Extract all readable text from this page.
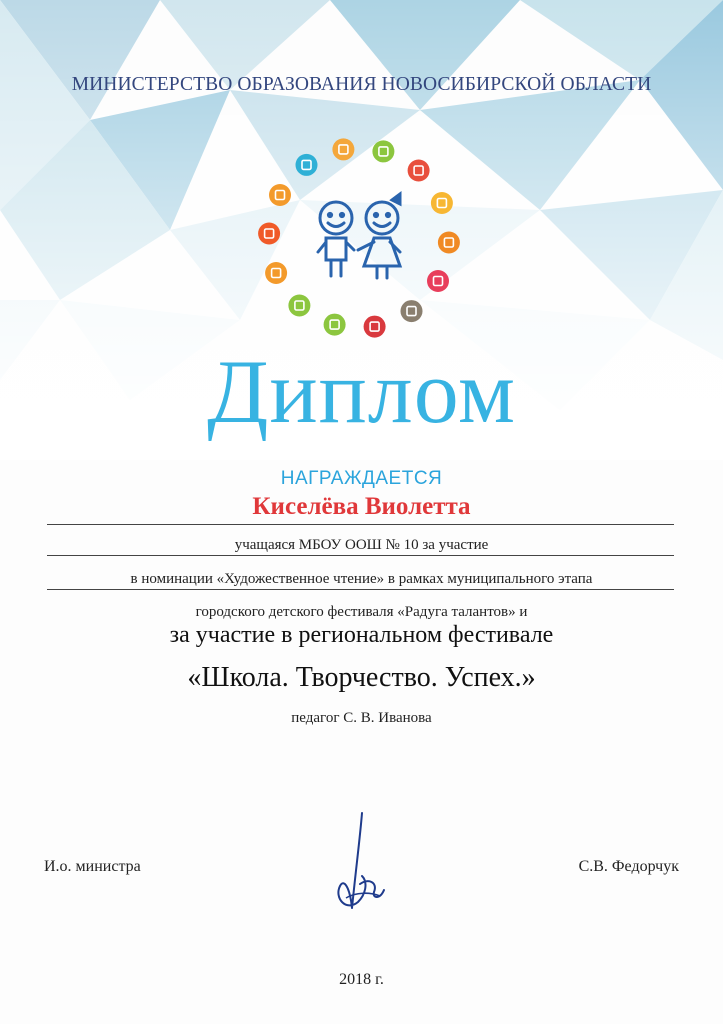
МИНИСТЕРСТВО ОБРАЗОВАНИЯ НОВОСИБИРСКОЙ ОБЛАСТИ
Диплом
НАГРАЖДАЕТСЯ
Киселёва Виолетта
учащаяся МБОУ ООШ № 10 за участие
в номинации «Художественное чтение» в рамках муниципального этапа
городского детского фестиваля «Радуга талантов» и
за участие в региональном фестивале
«Школа. Творчество. Успех.»
педагог С. В. Иванова
И.о. министра	С.В. Федорчук
2018 г.
